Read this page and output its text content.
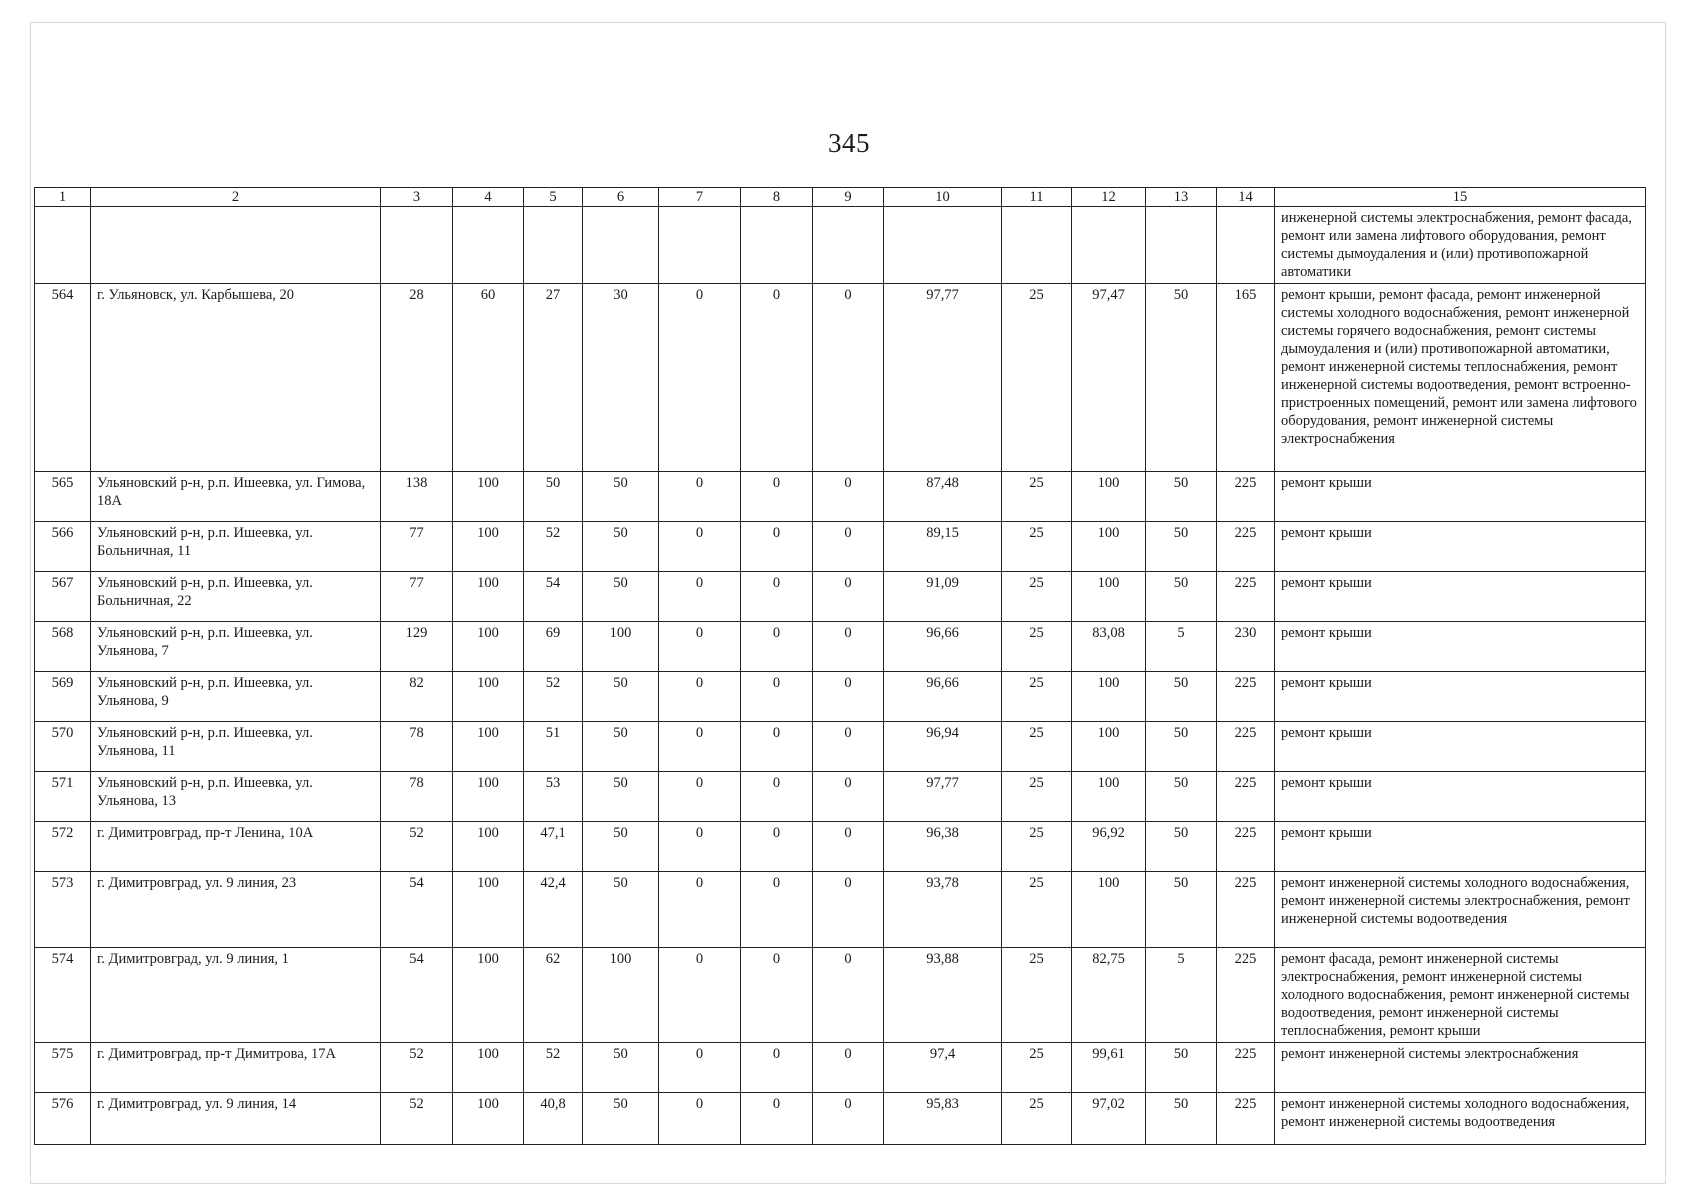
345
1	2	3	4	5	6	7	8	9	10	11	12	13	14	15
														инженерной системы электроснабжения, ремонт фасада, ремонт или замена лифтового оборудования, ремонт системы дымоудаления и (или) противопожарной автоматики
564	г. Ульяновск, ул. Карбышева, 20	28	60	27	30	0	0	0	97,77	25	97,47	50	165	ремонт крыши, ремонт фасада, ремонт инженерной системы холодного водоснабжения, ремонт инженерной системы горячего водоснабжения, ремонт системы дымоудаления и (или) противопожарной автоматики, ремонт инженерной системы теплоснабжения, ремонт инженерной системы водоотведения, ремонт встроенно-пристроенных помещений, ремонт или замена лифтового оборудования, ремонт инженерной системы электроснабжения
565	Ульяновский р-н, р.п. Ишеевка, ул. Гимова, 18А	138	100	50	50	0	0	0	87,48	25	100	50	225	ремонт крыши
566	Ульяновский р-н, р.п. Ишеевка, ул. Больничная, 11	77	100	52	50	0	0	0	89,15	25	100	50	225	ремонт крыши
567	Ульяновский р-н, р.п. Ишеевка, ул. Больничная, 22	77	100	54	50	0	0	0	91,09	25	100	50	225	ремонт крыши
568	Ульяновский р-н, р.п. Ишеевка, ул. Ульянова, 7	129	100	69	100	0	0	0	96,66	25	83,08	5	230	ремонт крыши
569	Ульяновский р-н, р.п. Ишеевка, ул. Ульянова, 9	82	100	52	50	0	0	0	96,66	25	100	50	225	ремонт крыши
570	Ульяновский р-н, р.п. Ишеевка, ул. Ульянова, 11	78	100	51	50	0	0	0	96,94	25	100	50	225	ремонт крыши
571	Ульяновский р-н, р.п. Ишеевка, ул. Ульянова, 13	78	100	53	50	0	0	0	97,77	25	100	50	225	ремонт крыши
572	г. Димитровград, пр-т Ленина, 10А	52	100	47,1	50	0	0	0	96,38	25	96,92	50	225	ремонт крыши
573	г. Димитровград, ул. 9 линия, 23	54	100	42,4	50	0	0	0	93,78	25	100	50	225	ремонт инженерной системы холодного водоснабжения, ремонт инженерной системы электроснабжения, ремонт инженерной системы водоотведения
574	г. Димитровград, ул. 9 линия, 1	54	100	62	100	0	0	0	93,88	25	82,75	5	225	ремонт фасада, ремонт инженерной системы электроснабжения, ремонт инженерной системы холодного водоснабжения, ремонт инженерной системы водоотведения, ремонт инженерной системы теплоснабжения, ремонт крыши
575	г. Димитровград, пр-т Димитрова, 17А	52	100	52	50	0	0	0	97,4	25	99,61	50	225	ремонт инженерной системы электроснабжения
576	г. Димитровград, ул. 9 линия, 14	52	100	40,8	50	0	0	0	95,83	25	97,02	50	225	ремонт инженерной системы холодного водоснабжения, ремонт инженерной системы водоотведения
